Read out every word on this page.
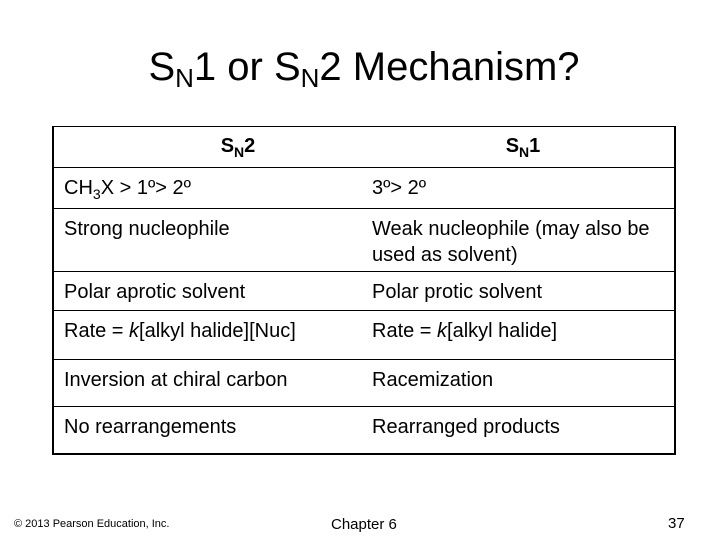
$S_N1$ or $S_N2$ Mechanism?
$S_N2$	$S_N1$
$CH_3X$ > 1º> 2º	3º> 2º
Strong nucleophile	Weak nucleophile (may also be used as solvent)
Polar aprotic solvent	Polar protic solvent
Rate = k[alkyl halide][Nuc]	Rate = k[alkyl halide]
Inversion at chiral carbon	Racemization
No rearrangements	Rearranged products
© 2013 Pearson Education, Inc.	Chapter 6	37
